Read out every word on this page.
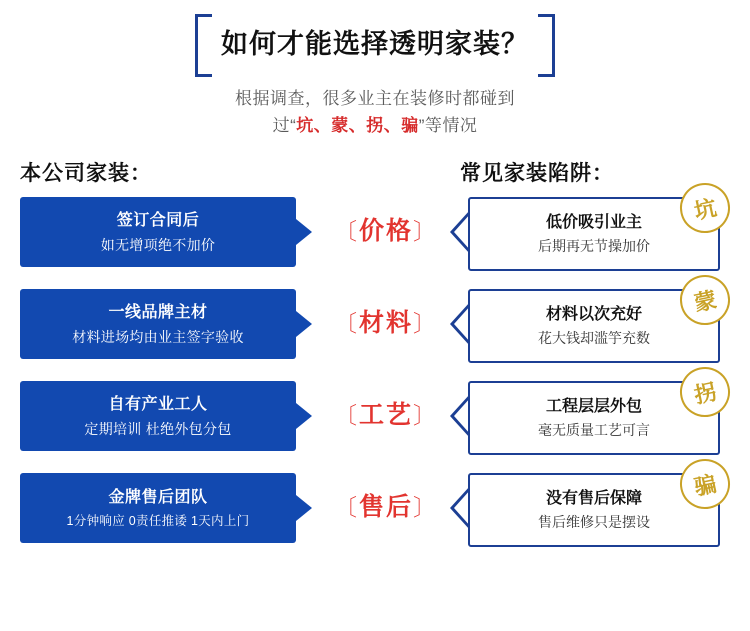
如何才能选择透明家装？
根据调查，很多业主在装修时都碰到
过“坑、蒙、拐、骗”等情况
本公司家装：	常见家装陷阱：
签订合同后
如无增项绝不加价
〔价格〕	低价吸引业主
后期再无节操加价
坑
一线品牌主材
材料进场均由业主签字验收
〔材料〕	材料以次充好
花大钱却滥竽充数
蒙
自有产业工人
定期培训 杜绝外包分包
〔工艺〕	工程层层外包
毫无质量工艺可言
拐
金牌售后团队
1分钟响应 0责任推诿 1天内上门
〔售后〕	没有售后保障
售后维修只是摆设
骗
